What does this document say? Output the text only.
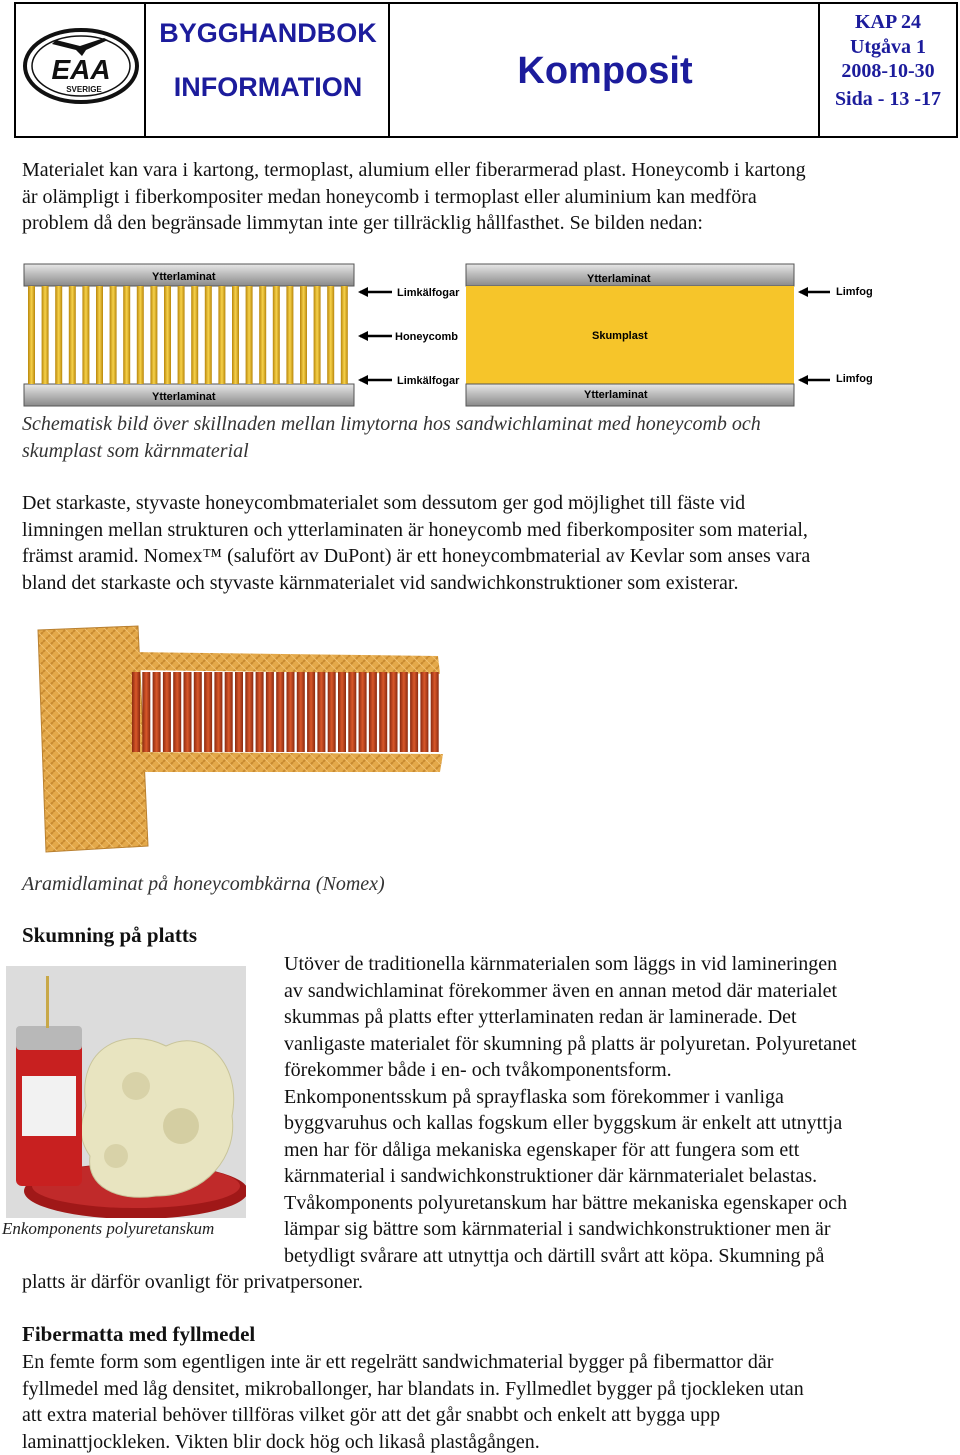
EAA
SVERIGE
BYGGHANDBOK
INFORMATION	Komposit
KAP 24
Utgåva 1
2008-10-30
Sida - 13 -17
Materialet kan vara i kartong, termoplast, alumium eller fiberarmerad plast. Honeycomb i kartong
är olämpligt i fiberkompositer medan honeycomb i termoplast eller aluminium kan medföra
problem då den begränsade limmytan inte ger tillräcklig hållfasthet. Se bilden nedan:
Ytterlaminat
Ytterlaminat
Limkälfogar
Honeycomb
Limkälfogar
Ytterlaminat
Skumplast
Ytterlaminat
Limfog
Limfog
Schematisk bild över skillnaden mellan limytorna hos sandwichlaminat med honeycomb och
skumplast som kärnmaterial
Det starkaste, styvaste honeycombmaterialet som dessutom ger god möjlighet till fäste vid
limningen mellan strukturen och ytterlaminaten är honeycomb med fiberkompositer som material,
främst aramid. Nomex™ (salufört av DuPont) är ett honeycombmaterial av Kevlar som anses vara
bland det starkaste och styvaste kärnmaterialet vid sandwichkonstruktioner som existerar.
Aramidlaminat på honeycombkärna (Nomex)
Skumning på platts
Enkomponents polyuretanskum
Utöver de traditionella kärnmaterialen som läggs in vid lamineringen
av sandwichlaminat förekommer även en annan metod där materialet
skummas på platts efter ytterlaminaten redan är laminerade. Det
vanligaste materialet för skumning på platts är polyuretan. Polyuretanet
förekommer både i en- och tvåkomponentsform.
Enkomponentsskum på sprayflaska som förekommer i vanliga
byggvaruhus och kallas fogskum eller byggskum är enkelt att utnyttja
men har för dåliga mekaniska egenskaper för att fungera som ett
kärnmaterial i sandwichkonstruktioner där kärnmaterialet belastas.
Tvåkomponents polyuretanskum har bättre mekaniska egenskaper och
lämpar sig bättre som kärnmaterial i sandwichkonstruktioner men är
betydligt svårare att utnyttja och därtill svårt att köpa. Skumning på
platts är därför ovanligt för privatpersoner.
Fibermatta med fyllmedel
En femte form som egentligen inte är ett regelrätt sandwichmaterial bygger på fibermattor där
fyllmedel med låg densitet, mikroballonger, har blandats in. Fyllmedlet bygger på tjockleken utan
att extra material behöver tillföras vilket gör att det går snabbt och enkelt att bygga upp
laminattjockleken. Vikten blir dock hög och likaså plastågången.
